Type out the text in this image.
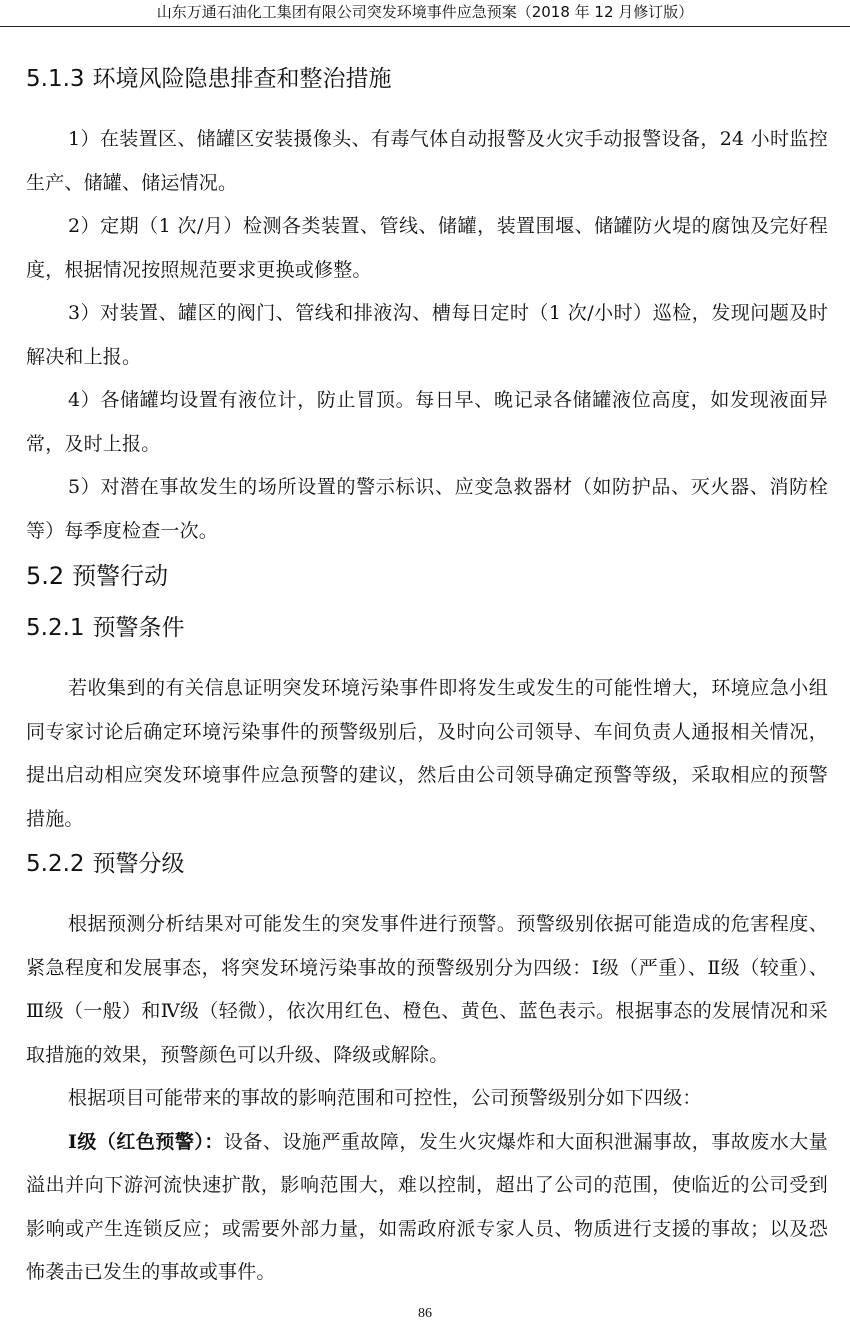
山东万通石油化工集团有限公司突发环境事件应急预案（2018 年 12 月修订版）
5.1.3 环境风险隐患排查和整治措施

1）在装置区、储罐区安装摄像头、有毒气体自动报警及火灾手动报警设备，24 小时监控生产、储罐、储运情况。

2）定期（1 次/月）检测各类装置、管线、储罐，装置围堰、储罐防火堤的腐蚀及完好程度，根据情况按照规范要求更换或修整。

3）对装置、罐区的阀门、管线和排液沟、槽每日定时（1 次/小时）巡检，发现问题及时解决和上报。

4）各储罐均设置有液位计，防止冒顶。每日早、晚记录各储罐液位高度，如发现液面异常，及时上报。

5）对潜在事故发生的场所设置的警示标识、应变急救器材（如防护品、灭火器、消防栓等）每季度检查一次。

5.2 预警行动
5.2.1 预警条件

若收集到的有关信息证明突发环境污染事件即将发生或发生的可能性增大，环境应急小组同专家讨论后确定环境污染事件的预警级别后，及时向公司领导、车间负责人通报相关情况，提出启动相应突发环境事件应急预警的建议，然后由公司领导确定预警等级，采取相应的预警措施。

5.2.2 预警分级

根据预测分析结果对可能发生的突发事件进行预警。预警级别依据可能造成的危害程度、紧急程度和发展事态，将突发环境污染事故的预警级别分为四级：Ⅰ级（严重）、Ⅱ级（较重）、Ⅲ级（一般）和Ⅳ级（轻微），依次用红色、橙色、黄色、蓝色表示。根据事态的发展情况和采取措施的效果，预警颜色可以升级、降级或解除。

根据项目可能带来的事故的影响范围和可控性，公司预警级别分如下四级：

Ⅰ级（红色预警）：设备、设施严重故障，发生火灾爆炸和大面积泄漏事故，事故废水大量溢出并向下游河流快速扩散，影响范围大，难以控制，超出了公司的范围，使临近的公司受到影响或产生连锁反应；或需要外部力量，如需政府派专家人员、物质进行支援的事故；以及恐怖袭击已发生的事故或事件。

86
